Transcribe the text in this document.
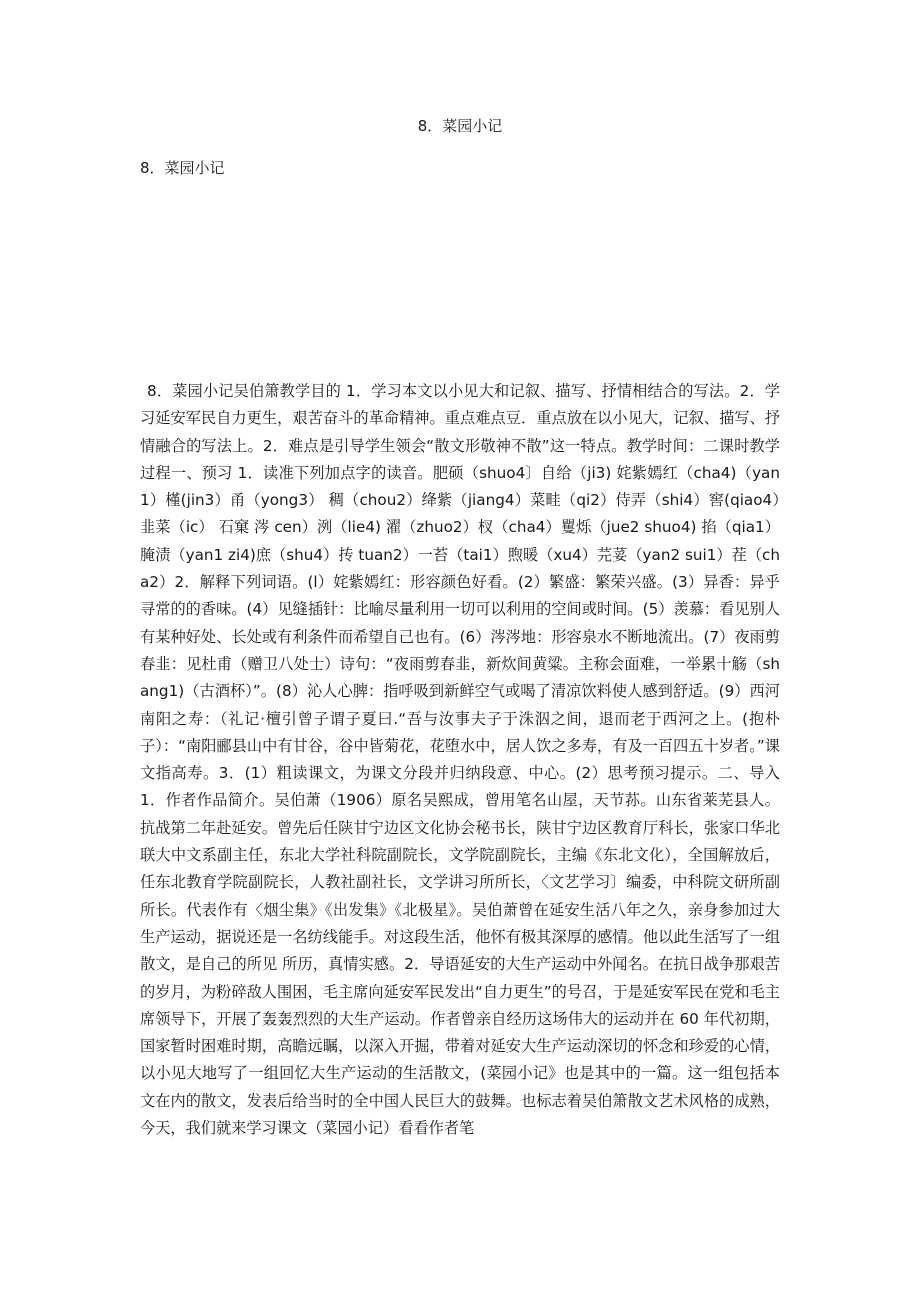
8．菜园小记
8．菜园小记

8．菜园小记吴伯箫教学目的 1．学习本文以小见大和记叙、描写、抒情相结合的写法。2．学习延安军民自力更生，艰苦奋斗的革命精神。重点难点豆．重点放在以小见大，记叙、描写、抒情融合的写法上。2．难点是引导学生领会“散文形敬神不散”这一特点。教学时间：二课时教学过程一、预习 1．读准下列加点字的读音。肥硕（shuo4〕自给（ji3) 姹紫嫣红（cha4)（yan1）槿(jin3）甬（yong3） 稠（chou2）绛紫（jiang4）菜畦（qi2）侍弄（shi4）窖(qiao4）韭菜（ic） 石窠 涔 cen）洌（lie4) 濯（zhuo2）杈（cha4）矍烁（jue2 shuo4) 掐（qia1）腌渍（yan1 zi4)庶（shu4）抟 tuan2）一苔（tai1）煦暖（xu4）芫荽（yan2 sui1）茬（cha2）2．解释下列词语。(l）姹紫嫣红：形容颜色好看。(2）繁盛：繁荣兴盛。(3）异香：异乎寻常的的香味。(4）见缝插针：比喻尽量利用一切可以利用的空间或时间。(5）羡慕：看见别人有某种好处、长处或有利条件而希望自己也有。(6）涔涔地：形容泉水不断地流出。(7）夜雨剪春韭：见杜甫（赠卫八处士）诗句：“夜雨剪春韭，新炊间黄粱。主称会面难，一举累十觞（shang1)（古酒杯）”。(8）沁人心脾：指呼吸到新鲜空气或喝了清凉饮料使人感到舒适。(9）西河南阳之寿：（礼记·檀引曾子谓子夏曰.“吾与汝事夫子于洙泅之间，退而老于西河之上。(抱朴子）：“南阳郦县山中有甘谷，谷中皆菊花，花堕水中，居人饮之多寿，有及一百四五十岁者。”课文指高寿。3．(1）粗读课文，为课文分段并归纳段意、中心。(2）思考预习提示。二、导入 1．作者作品简介。吴伯萧（1906）原名吴熙成，曾用笔名山屋，天节荪。山东省莱芜县人。抗战第二年赴延安。曾先后任陕甘宁边区文化协会秘书长，陕甘宁边区教育厅科长，张家口华北联大中文系副主任，东北大学社科院副院长，文学院副院长，主编《东北文化），全国解放后，任东北教育学院副院长，人教社副社长，文学讲习所所长，〈文艺学习〕编委，中科院文研所副所长。代表作有〈烟尘集》《出发集》《北极星》。吴伯萧曾在延安生活八年之久，亲身参加过大生产运动，据说还是一名纺线能手。对这段生活，他怀有极其深厚的感情。他以此生活写了一组散文，是自己的所见 所历，真情实感。2．导语延安的大生产运动中外闻名。在抗日战争那艰苦的岁月，为粉碎敌人围困，毛主席向延安军民发出“自力更生”的号召，于是延安军民在党和毛主席领导下，开展了轰轰烈烈的大生产运动。作者曾亲自经历这场伟大的运动并在 60 年代初期，国家暂时困难时期，高瞻远瞩，以深入开掘，带着对延安大生产运动深切的怀念和珍爱的心情，以小见大地写了一组回忆大生产运动的生活散文，(菜园小记》也是其中的一篇。这一组包括本文在内的散文，发表后给当时的全中国人民巨大的鼓舞。也标志着吴伯箫散文艺术风格的成熟，今天，我们就来学习课文（菜园小记）看看作者笔
